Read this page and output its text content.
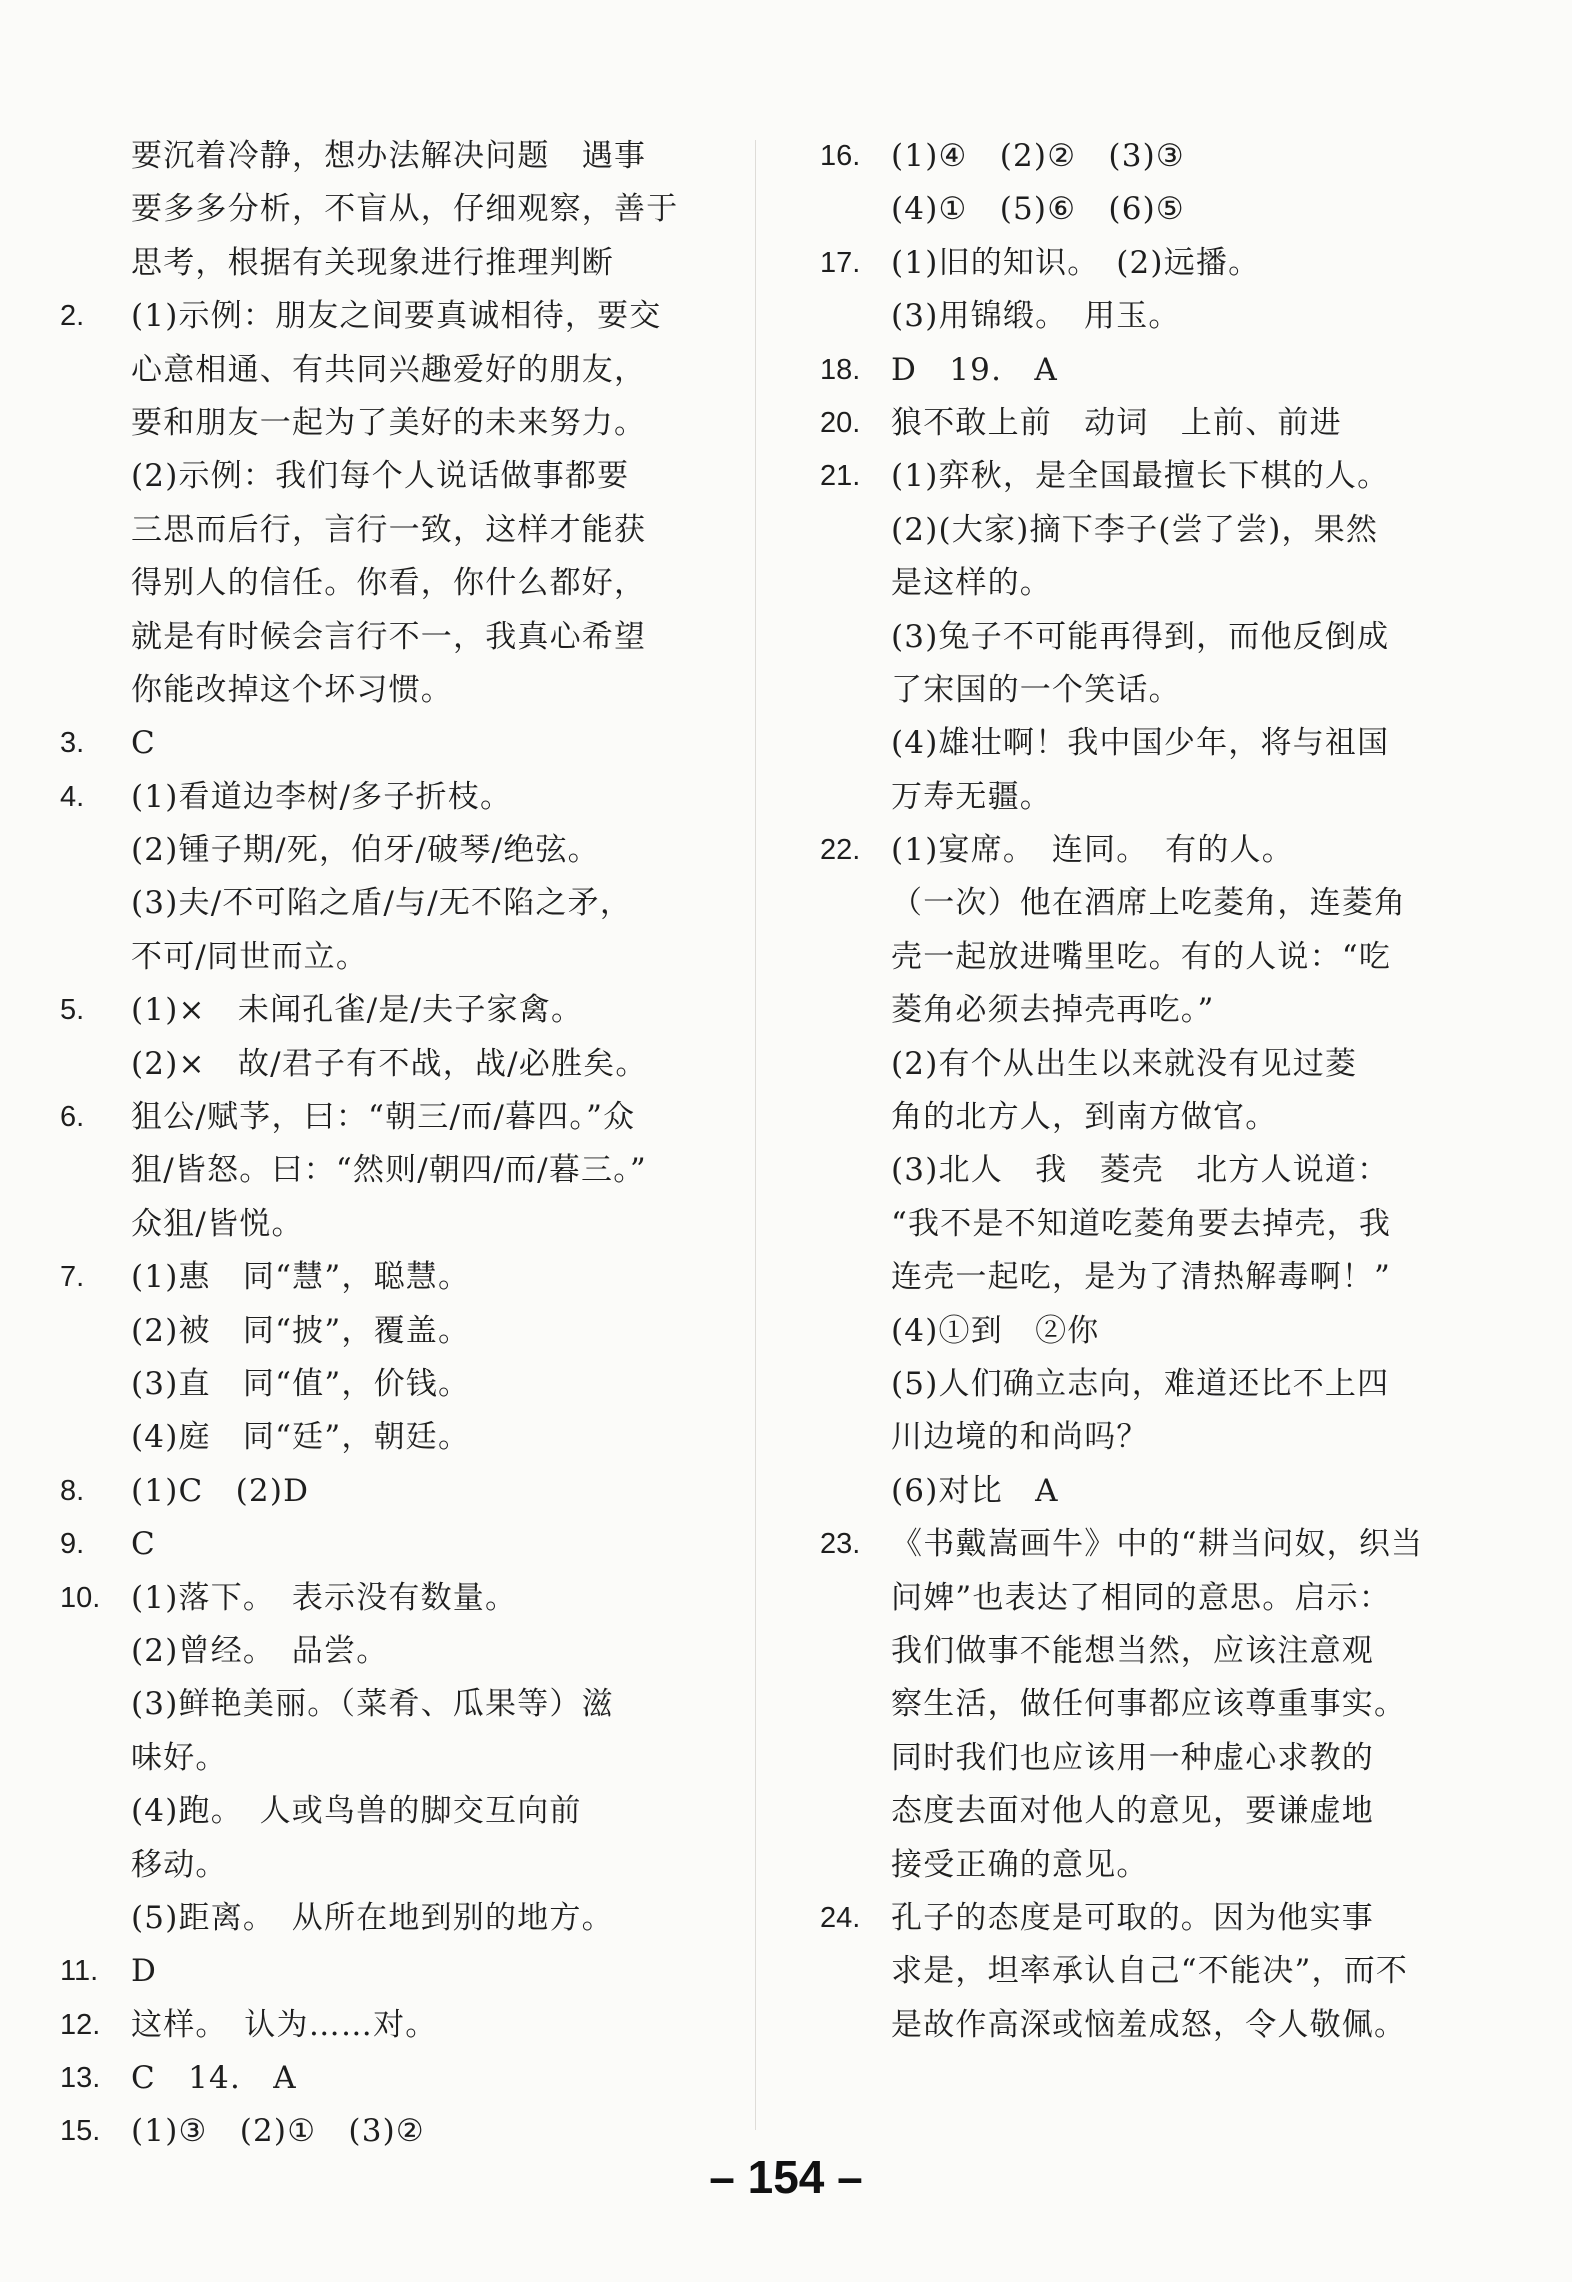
要沉着冷静，想办法解决问题　遇事
要多多分析，不盲从，仔细观察，善于
思考，根据有关现象进行推理判断
2.	(1)示例：朋友之间要真诚相待，要交
心意相通、有共同兴趣爱好的朋友，
要和朋友一起为了美好的未来努力。
(2)示例：我们每个人说话做事都要
三思而后行，言行一致，这样才能获
得别人的信任。你看，你什么都好，
就是有时候会言行不一，我真心希望
你能改掉这个坏习惯。
3.	C
4.	(1)看道边李树/多子折枝。
(2)锺子期/死，伯牙/破琴/绝弦。
(3)夫/不可陷之盾/与/无不陷之矛，
不可/同世而立。
5.	(1)×　未闻孔雀/是/夫子家禽。
(2)×　故/君子有不战，战/必胜矣。
6.	狙公/赋芧，曰：“朝三/而/暮四。”众
狙/皆怒。曰：“然则/朝四/而/暮三。”
众狙/皆悦。
7.	(1)惠　同“慧”，聪慧。
(2)被　同“披”，覆盖。
(3)直　同“值”，价钱。
(4)庭　同“廷”，朝廷。
8.	(1)C　(2)D
9.	C
10. (1)落下。　表示没有数量。
(2)曾经。　品尝。
(3)鲜艳美丽。（菜肴、瓜果等）滋
味好。
(4)跑。　人或鸟兽的脚交互向前
移动。
(5)距离。　从所在地到别的地方。
11.	D
12. 这样。　认为……对。
13. C　14.　A
15. (1)③　(2)①　(3)②
16. (1)④　(2)②　(3)③
(4)①　(5)⑥　(6)⑤
17. (1)旧的知识。　(2)远播。
(3)用锦缎。　用玉。
18. D　19.　A
20. 狼不敢上前　动词　上前、前进
21. (1)弈秋，是全国最擅长下棋的人。
(2)(大家)摘下李子(尝了尝)，果然
是这样的。
(3)兔子不可能再得到，而他反倒成
了宋国的一个笑话。
(4)雄壮啊！我中国少年，将与祖国
万寿无疆。
22. (1)宴席。　连同。　有的人。
（一次）他在酒席上吃菱角，连菱角
壳一起放进嘴里吃。有的人说：“吃
菱角必须去掉壳再吃。”
(2)有个从出生以来就没有见过菱
角的北方人，到南方做官。
(3)北人　我　菱壳　北方人说道：
“我不是不知道吃菱角要去掉壳，我
连壳一起吃，是为了清热解毒啊！”
(4)①到　②你
(5)人们确立志向，难道还比不上四
川边境的和尚吗？
(6)对比　A
23. 《书戴嵩画牛》中的“耕当问奴，织当
问婢”也表达了相同的意思。启示：
我们做事不能想当然，应该注意观
察生活，做任何事都应该尊重事实。
同时我们也应该用一种虚心求教的
态度去面对他人的意见，要谦虚地
接受正确的意见。
24. 孔子的态度是可取的。因为他实事
求是，坦率承认自己“不能决”，而不
是故作高深或恼羞成怒，令人敬佩。
– 154 –
